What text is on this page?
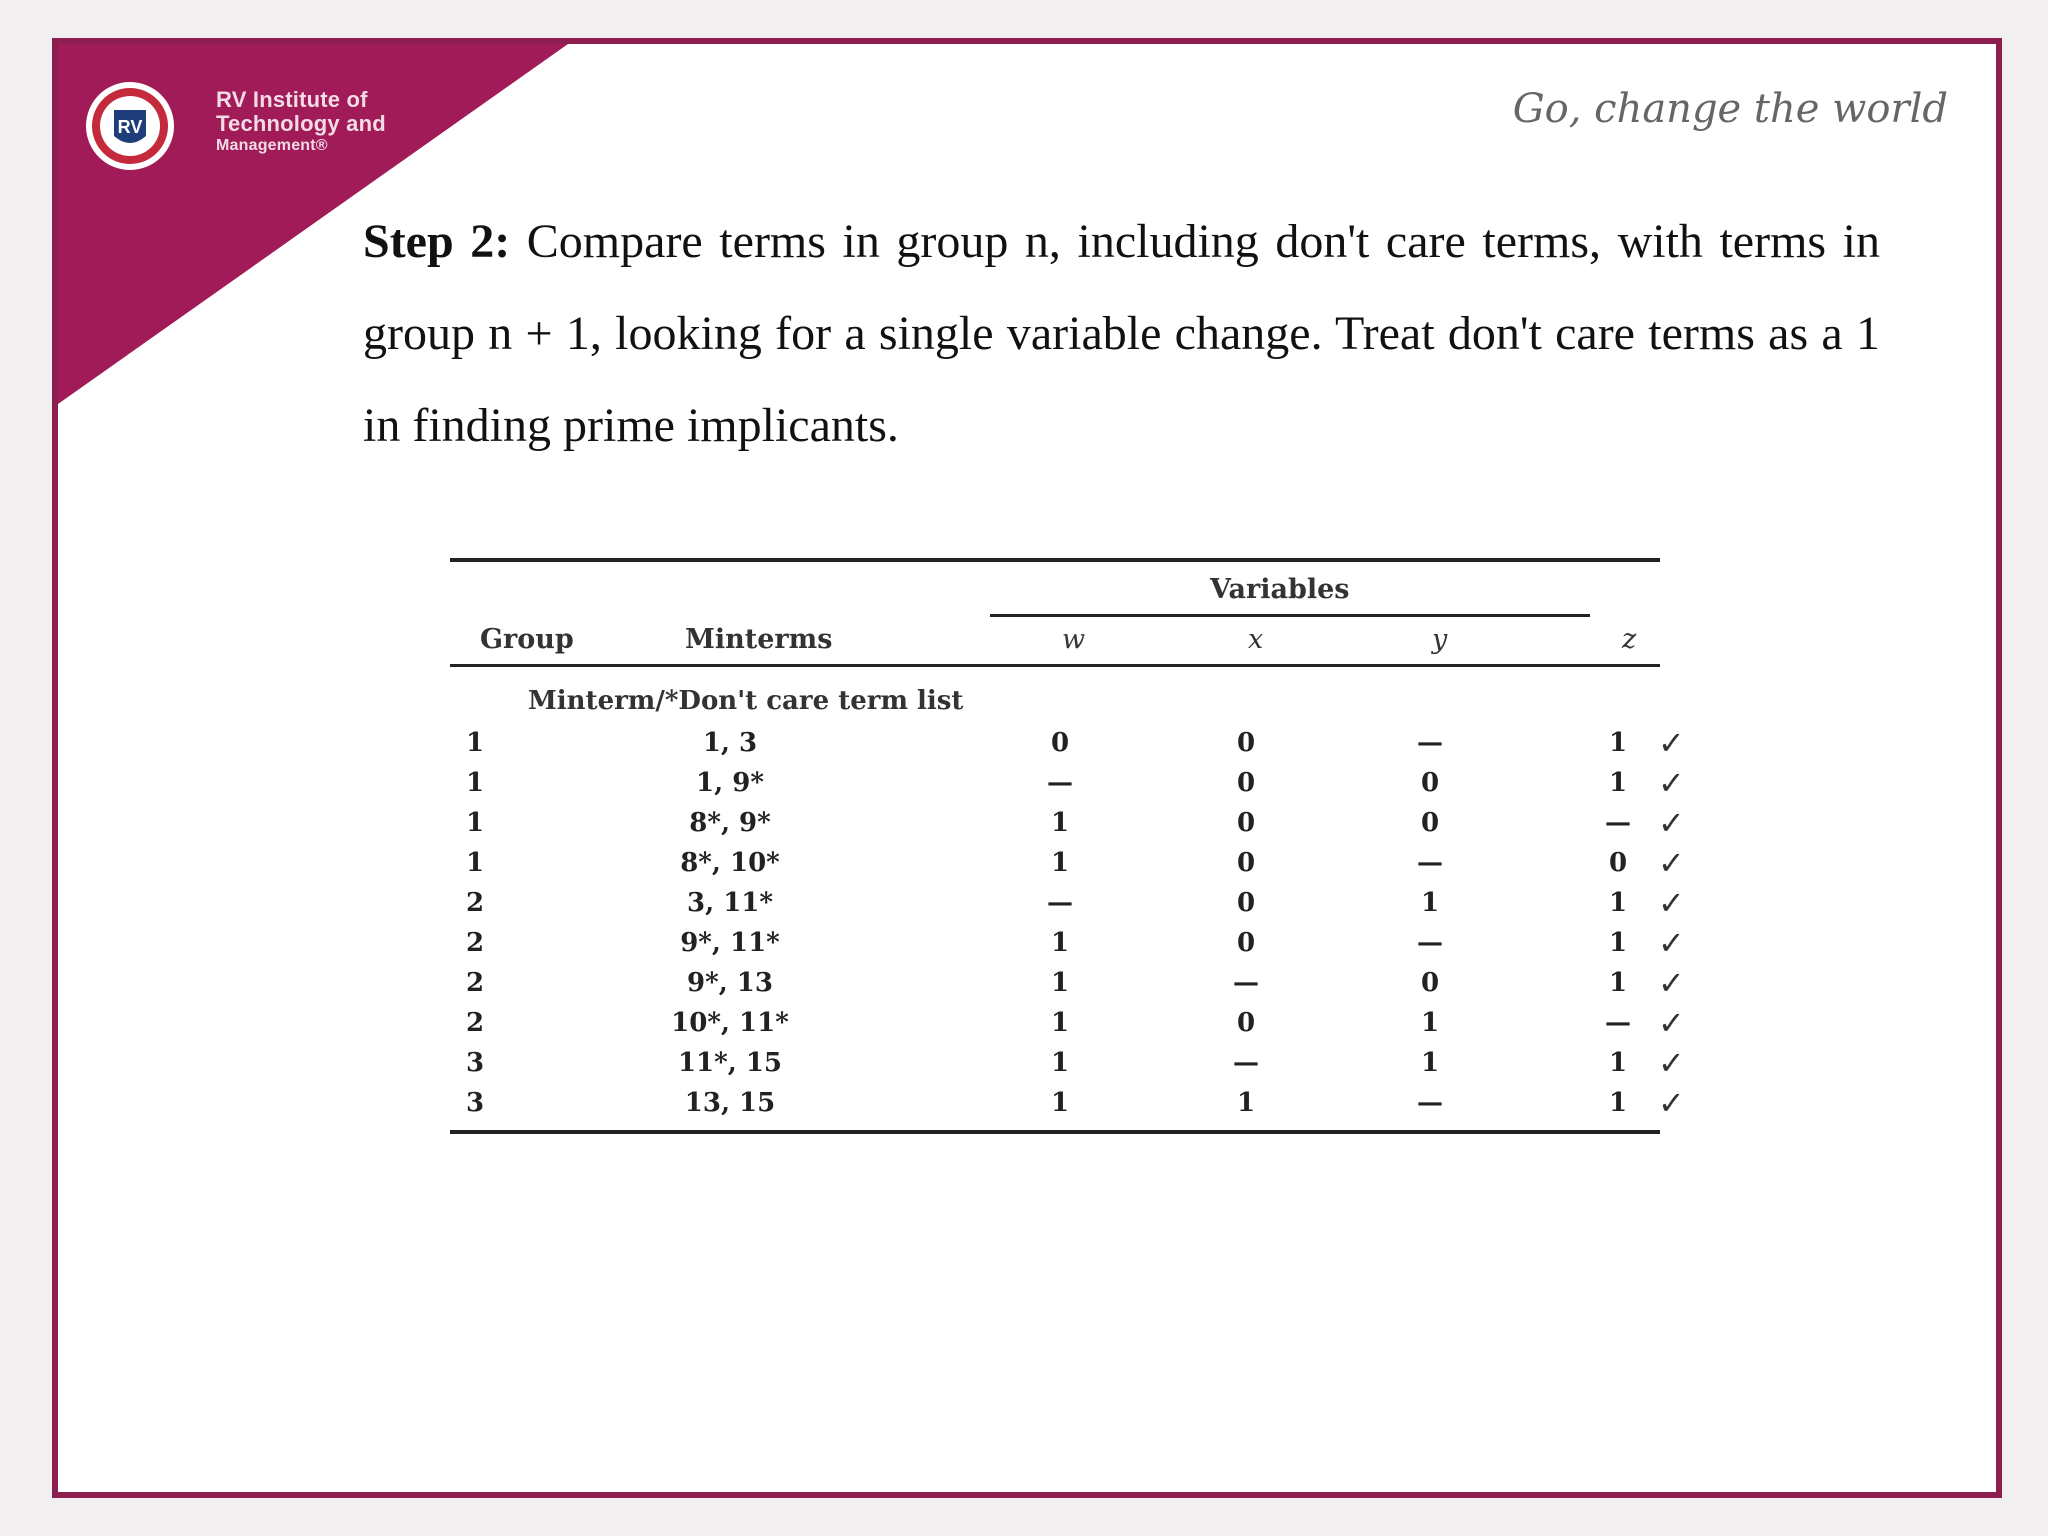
RV
RV Institute of
Technology and
Management®
Go, change the world
Step 2: Compare terms in group n, including don't care terms, with terms in group n + 1, looking for a single variable change. Treat don't care terms as a 1 in finding prime implicants.
Variables
Group	Minterms	w	x	y	z
Minterm/*Don't care term list
1	1, 3	0	0	—	1 ✓
1	1, 9*	—	0	0	1 ✓
1	8*, 9*	1	0	0	— ✓
1	8*, 10*	1	0	—	0 ✓
2	3, 11*	—	0	1	1 ✓
2	9*, 11*	1	0	—	1 ✓
2	9*, 13	1	—	0	1 ✓
2	10*, 11*	1	0	1	— ✓
3	11*, 15	1	—	1	1 ✓
3	13, 15	1	1	—	1 ✓
